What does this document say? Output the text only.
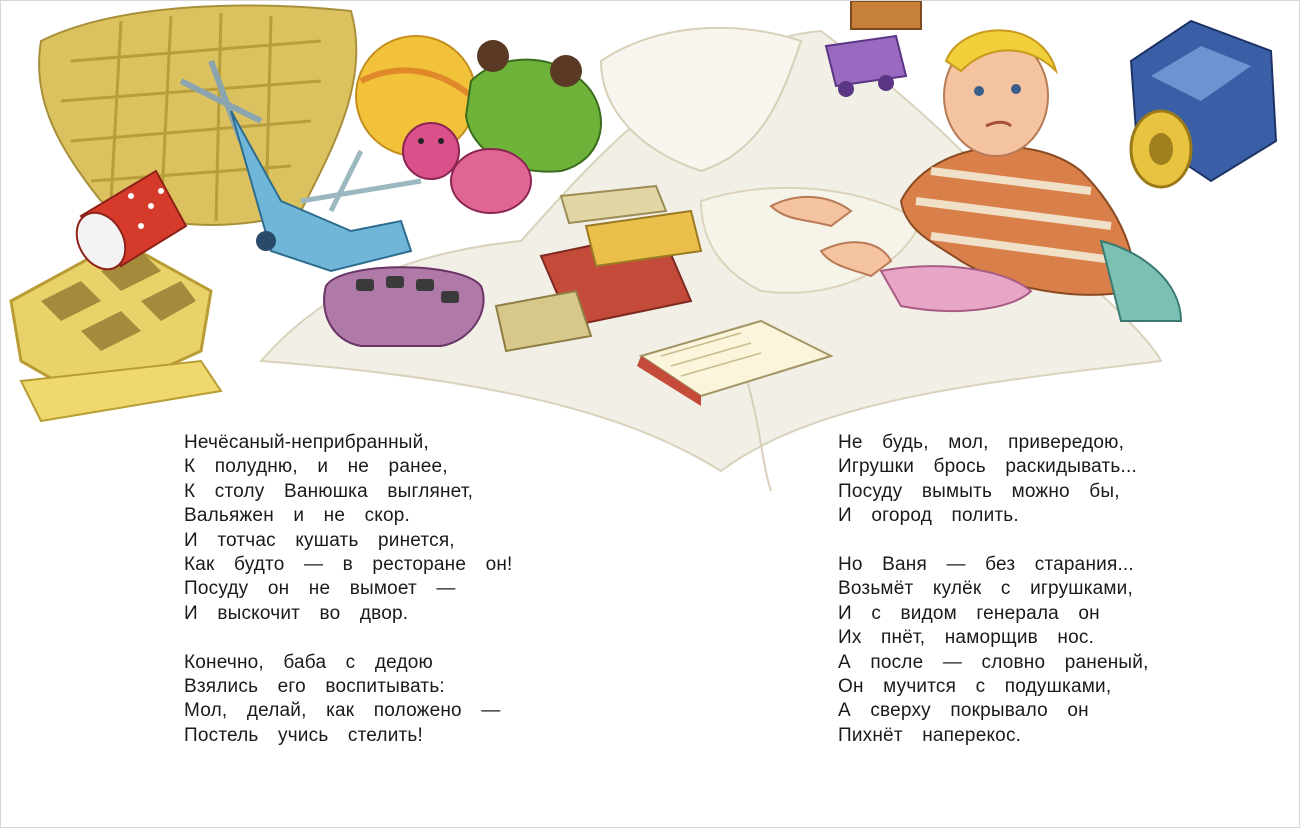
Нечёсаный-неприбранный,
К полудню, и не ранее,
К столу Ванюшка выглянет,
Вальяжен и не скор.
И тотчас кушать ринется,
Как будто — в ресторане он!
Посуду он не вымоет —
И выскочит во двор.
Конечно, баба с дедою
Взялись его воспитывать:
Мол, делай, как положено —
Постель учись стелить!
Не будь, мол, привередою,
Игрушки брось раскидывать...
Посуду вымыть можно бы,
И огород полить.
Но Ваня — без старания...
Возьмёт кулёк с игрушками,
И с видом генерала он
Их пнёт, наморщив нос.
А после — словно раненый,
Он мучится с подушками,
А сверху покрывало он
Пихнёт наперекос.
